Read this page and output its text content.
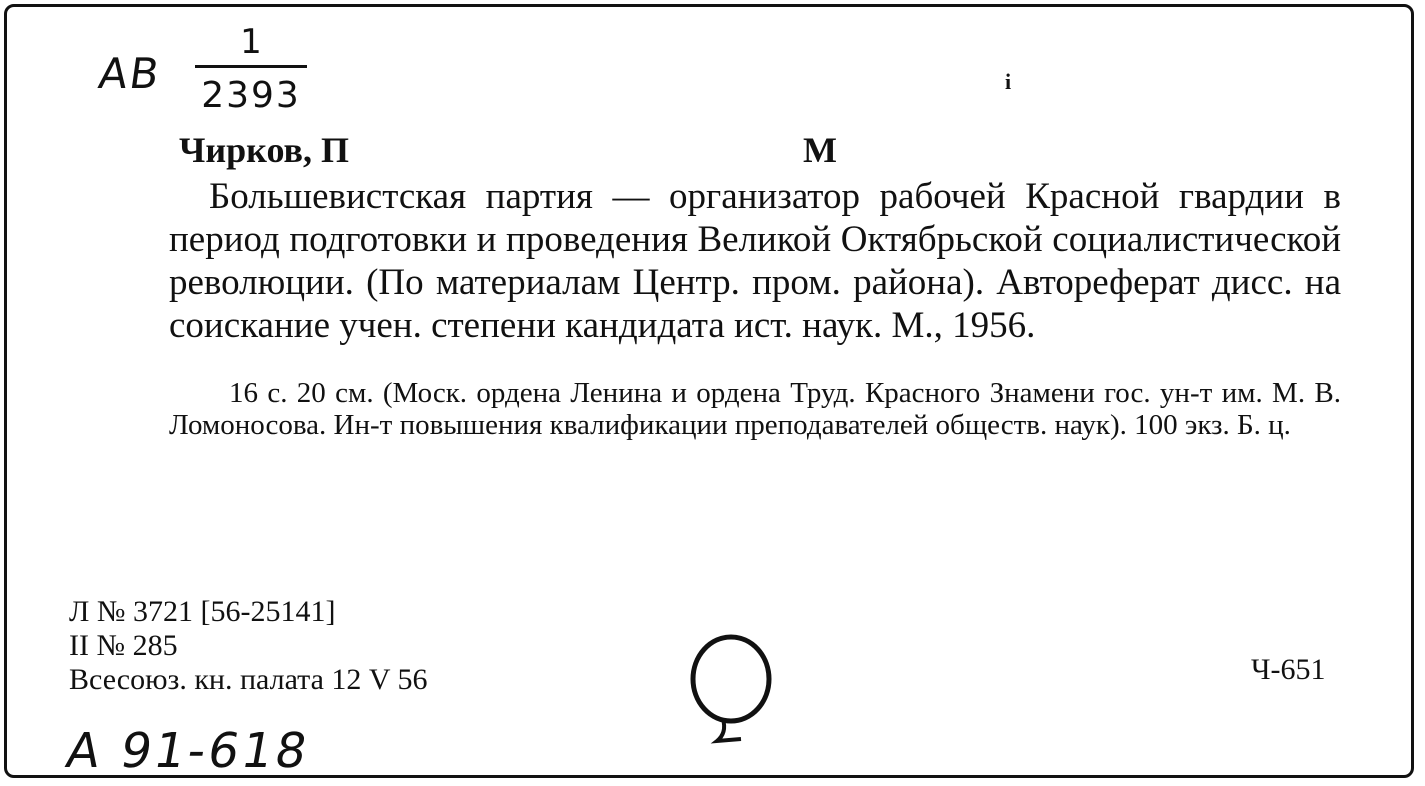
АВ
1
2393	і
Чирков, П	М
Большевистская партия — организатор рабочей Красной гвардии в период подготовки и проведения Великой Октябрьской социалистической революции. (По материалам Центр. пром. района). Автореферат дисс. на соискание учен. степени кандидата ист. наук. М., 1956.
16 с. 20 см. (Моск. ордена Ленина и ордена Труд. Красного Знамени гос. ун-т им. М. В. Ломоносова. Ин-т повышения квалификации преподавателей обществ. наук). 100 экз. Б. ц.
Л № 3721 [56-25141]
II № 285
Всесоюз. кн. палата 12 V 56	Ч-651
А 91-618
